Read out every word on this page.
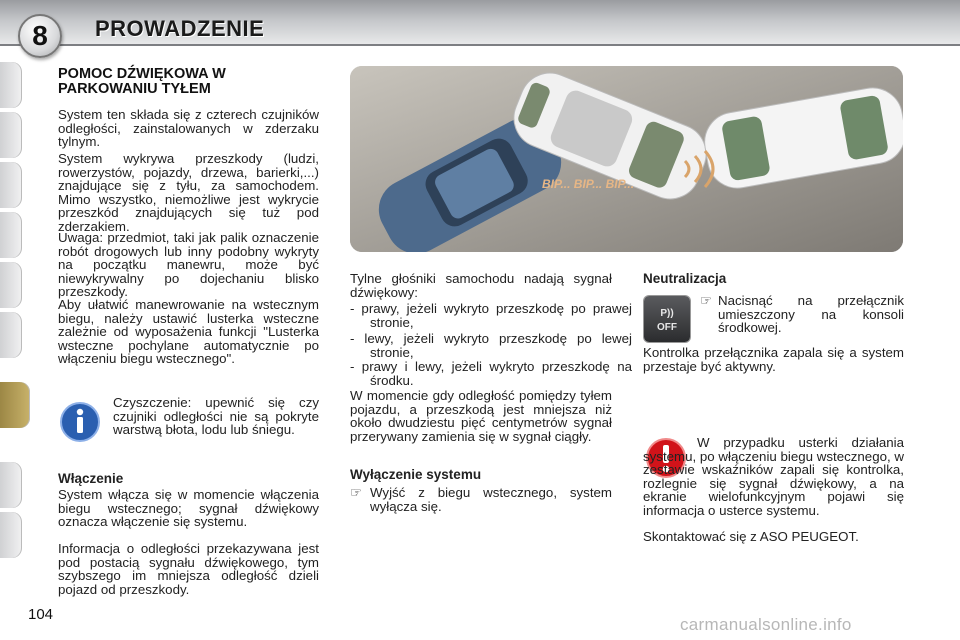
8	PROWADZENIE
POMOC DŹWIĘKOWA W PARKOWANIU TYŁEM

System ten składa się z czterech czujników odległości, zainstalowanych w zderzaku tylnym.

System wykrywa przeszkody (ludzi, rowerzystów, pojazdy, drzewa, barierki,...) znajdujące się z tyłu, za samochodem. Mimo wszystko, niemożliwe jest wykrycie przeszkód znajdujących się tuż pod zderzakiem.

Uwaga: przedmiot, taki jak palik oznaczenie robót drogowych lub inny podobny wykryty na początku manewru, może być niewykrywalny po dojechaniu blisko przeszkody.

Aby ułatwić manewrowanie na wstecznym biegu, należy ustawić lusterka wsteczne zależnie od wyposażenia funkcji "Lusterka wsteczne pochylane automatycznie po włączeniu biegu wstecznego".

Czyszczenie: upewnić się czy czujniki odległości nie są pokryte warstwą błota, lodu lub śniegu.

Włączenie

System włącza się w momencie włączenia biegu wstecznego; sygnał dźwiękowy oznacza włączenie się systemu.

Informacja o odległości przekazywana jest pod postacią sygnału dźwiękowego, tym szybszego im mniejsza odległość dzieli pojazd od przeszkody.

BIP... BIP... BIP...

Tylne głośniki samochodu nadają sygnał dźwiękowy:

- prawy, jeżeli wykryto przeszkodę po prawej stronie,

- lewy, jeżeli wykryto przeszkodę po lewej stronie,

- prawy i lewy, jeżeli wykryto przeszkodę na środku.

W momencie gdy odległość pomiędzy tyłem pojazdu, a przeszkodą jest mniejsza niż około dwudziestu pięć centymetrów sygnał przerywany zamienia się w sygnał ciągły.

Wyłączenie systemu

☞ Wyjść z biegu wstecznego, system wyłącza się.

Neutralizacja

P))
OFF
☞ Nacisnąć na przełącznik umieszczony na konsoli środkowej.

Kontrolka przełącznika zapala się a system przestaje być aktywny.

W przypadku usterki działania systemu, po włączeniu biegu wstecznego, w zestawie wskaźników zapali się kontrolka, rozlegnie się sygnał dźwiękowy, a na ekranie wielofunkcyjnym pojawi się informacja o usterce systemu.

Skontaktować się z ASO PEUGEOT.

104
carmanualsonline.info
